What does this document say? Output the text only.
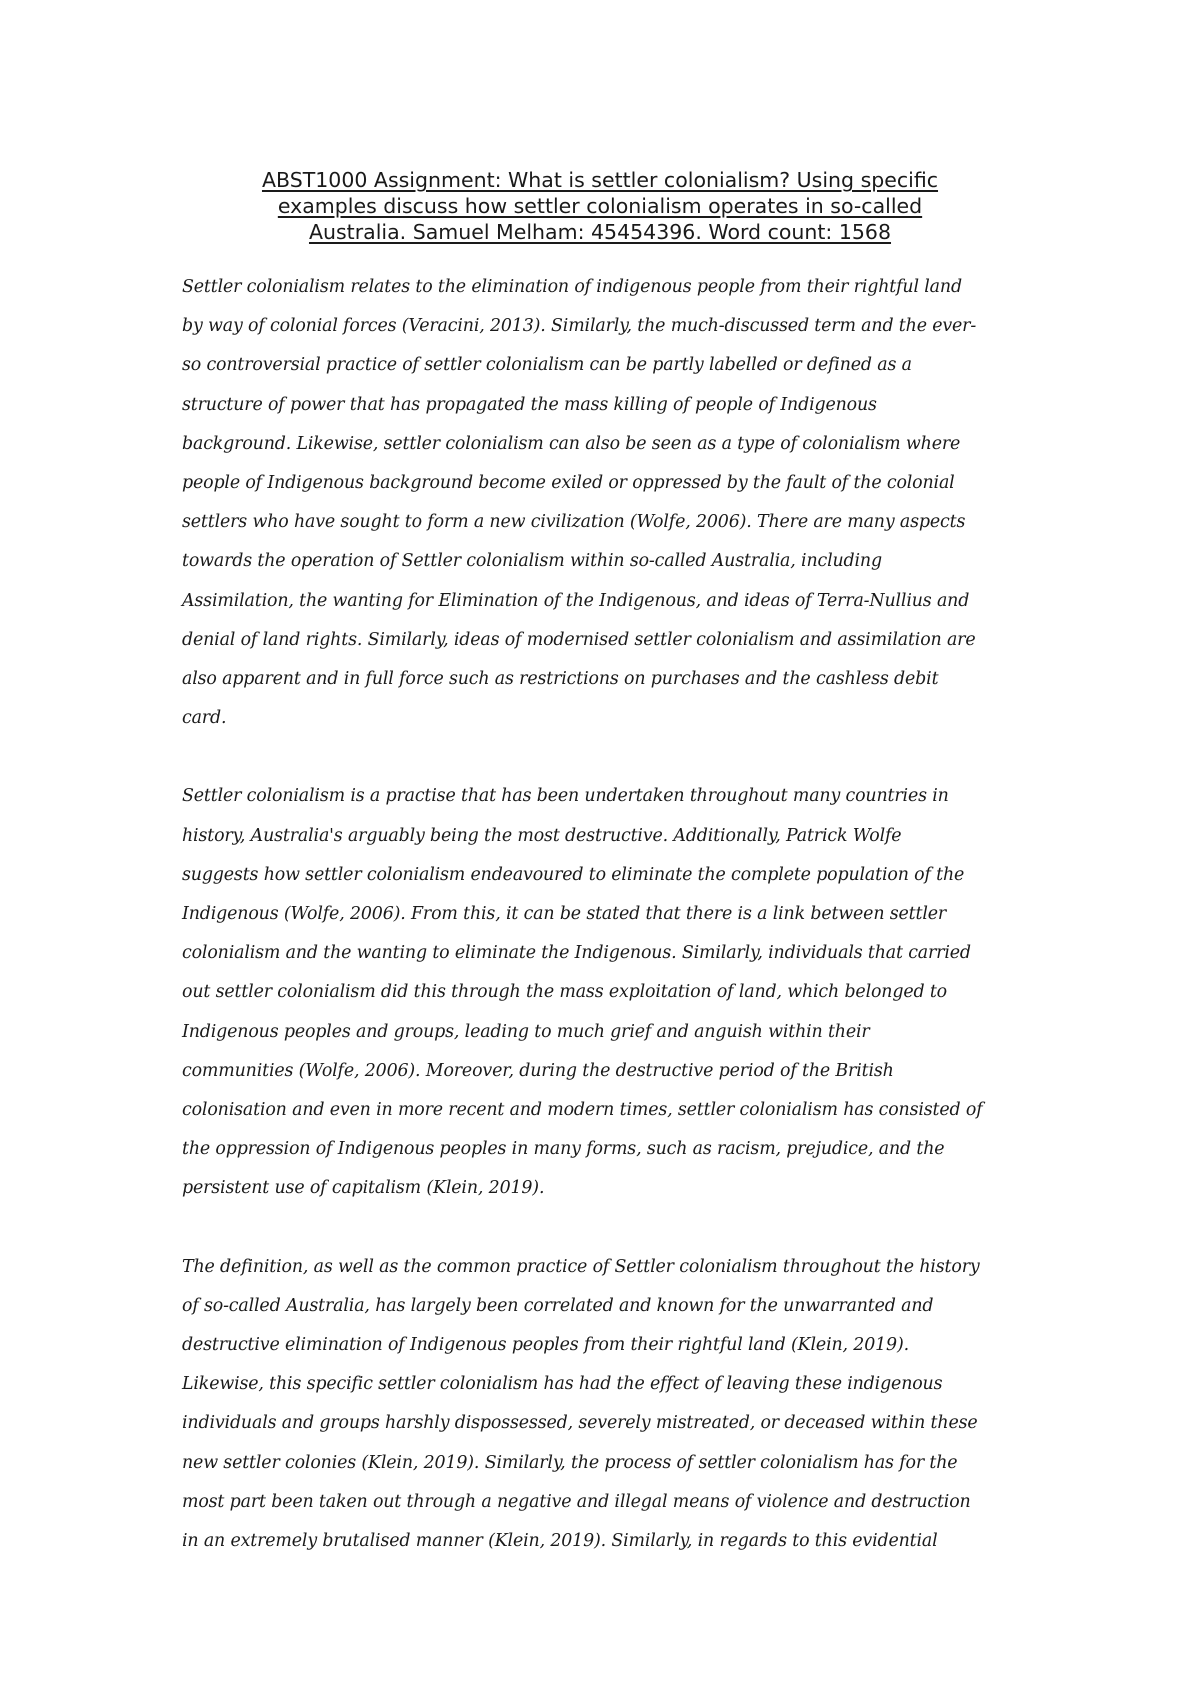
ABST1000 Assignment: What is settler colonialism? Using specific
examples discuss how settler colonialism operates in so-called
Australia. Samuel Melham: 45454396. Word count: 1568

Settler colonialism relates to the elimination of indigenous people from their rightful land
by way of colonial forces (Veracini, 2013). Similarly, the much-discussed term and the ever-
so controversial practice of settler colonialism can be partly labelled or defined as a
structure of power that has propagated the mass killing of people of Indigenous
background. Likewise, settler colonialism can also be seen as a type of colonialism where
people of Indigenous background become exiled or oppressed by the fault of the colonial
settlers who have sought to form a new civilization (Wolfe, 2006). There are many aspects
towards the operation of Settler colonialism within so-called Australia, including
Assimilation, the wanting for Elimination of the Indigenous, and ideas of Terra-Nullius and
denial of land rights. Similarly, ideas of modernised settler colonialism and assimilation are
also apparent and in full force such as restrictions on purchases and the cashless debit
card.

Settler colonialism is a practise that has been undertaken throughout many countries in
history, Australia's arguably being the most destructive. Additionally, Patrick Wolfe
suggests how settler colonialism endeavoured to eliminate the complete population of the
Indigenous (Wolfe, 2006). From this, it can be stated that there is a link between settler
colonialism and the wanting to eliminate the Indigenous. Similarly, individuals that carried
out settler colonialism did this through the mass exploitation of land, which belonged to
Indigenous peoples and groups, leading to much grief and anguish within their
communities (Wolfe, 2006). Moreover, during the destructive period of the British
colonisation and even in more recent and modern times, settler colonialism has consisted of
the oppression of Indigenous peoples in many forms, such as racism, prejudice, and the
persistent use of capitalism (Klein, 2019).

The definition, as well as the common practice of Settler colonialism throughout the history
of so-called Australia, has largely been correlated and known for the unwarranted and
destructive elimination of Indigenous peoples from their rightful land (Klein, 2019).
Likewise, this specific settler colonialism has had the effect of leaving these indigenous
individuals and groups harshly dispossessed, severely mistreated, or deceased within these
new settler colonies (Klein, 2019). Similarly, the process of settler colonialism has for the
most part been taken out through a negative and illegal means of violence and destruction
in an extremely brutalised manner (Klein, 2019). Similarly, in regards to this evidential
